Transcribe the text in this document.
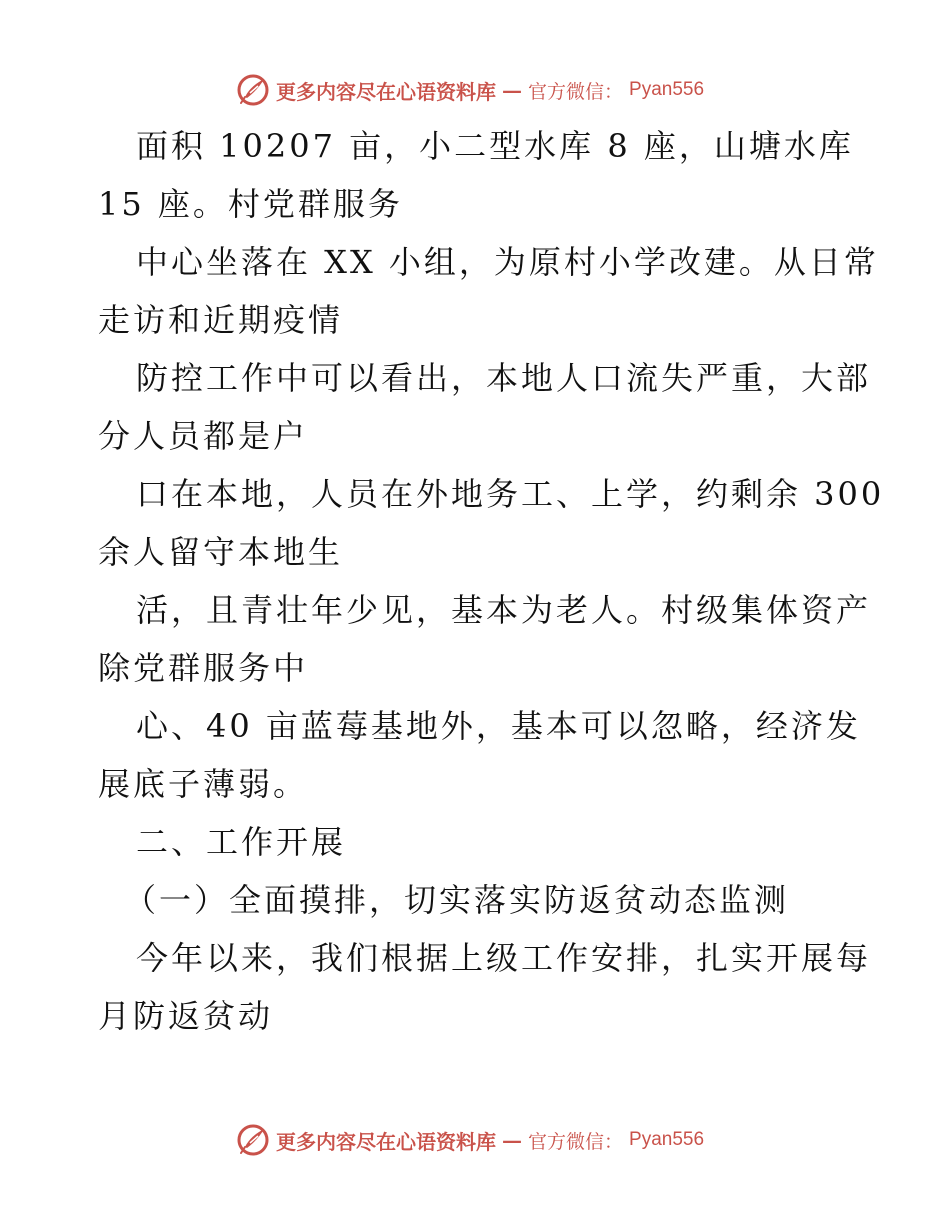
更多内容尽在心语资料库 — 官方微信： Pyan556
面积 10207 亩，小二型水库 8 座，山塘水库
15 座。村党群服务
中心坐落在 XX 小组，为原村小学改建。从日常
走访和近期疫情
防控工作中可以看出，本地人口流失严重，大部
分人员都是户
口在本地，人员在外地务工、上学，约剩余 300
余人留守本地生
活，且青壮年少见，基本为老人。村级集体资产
除党群服务中
心、40 亩蓝莓基地外，基本可以忽略，经济发
展底子薄弱。
二、工作开展
（一）全面摸排，切实落实防返贫动态监测
今年以来，我们根据上级工作安排，扎实开展每
月防返贫动
更多内容尽在心语资料库 — 官方微信： Pyan556
